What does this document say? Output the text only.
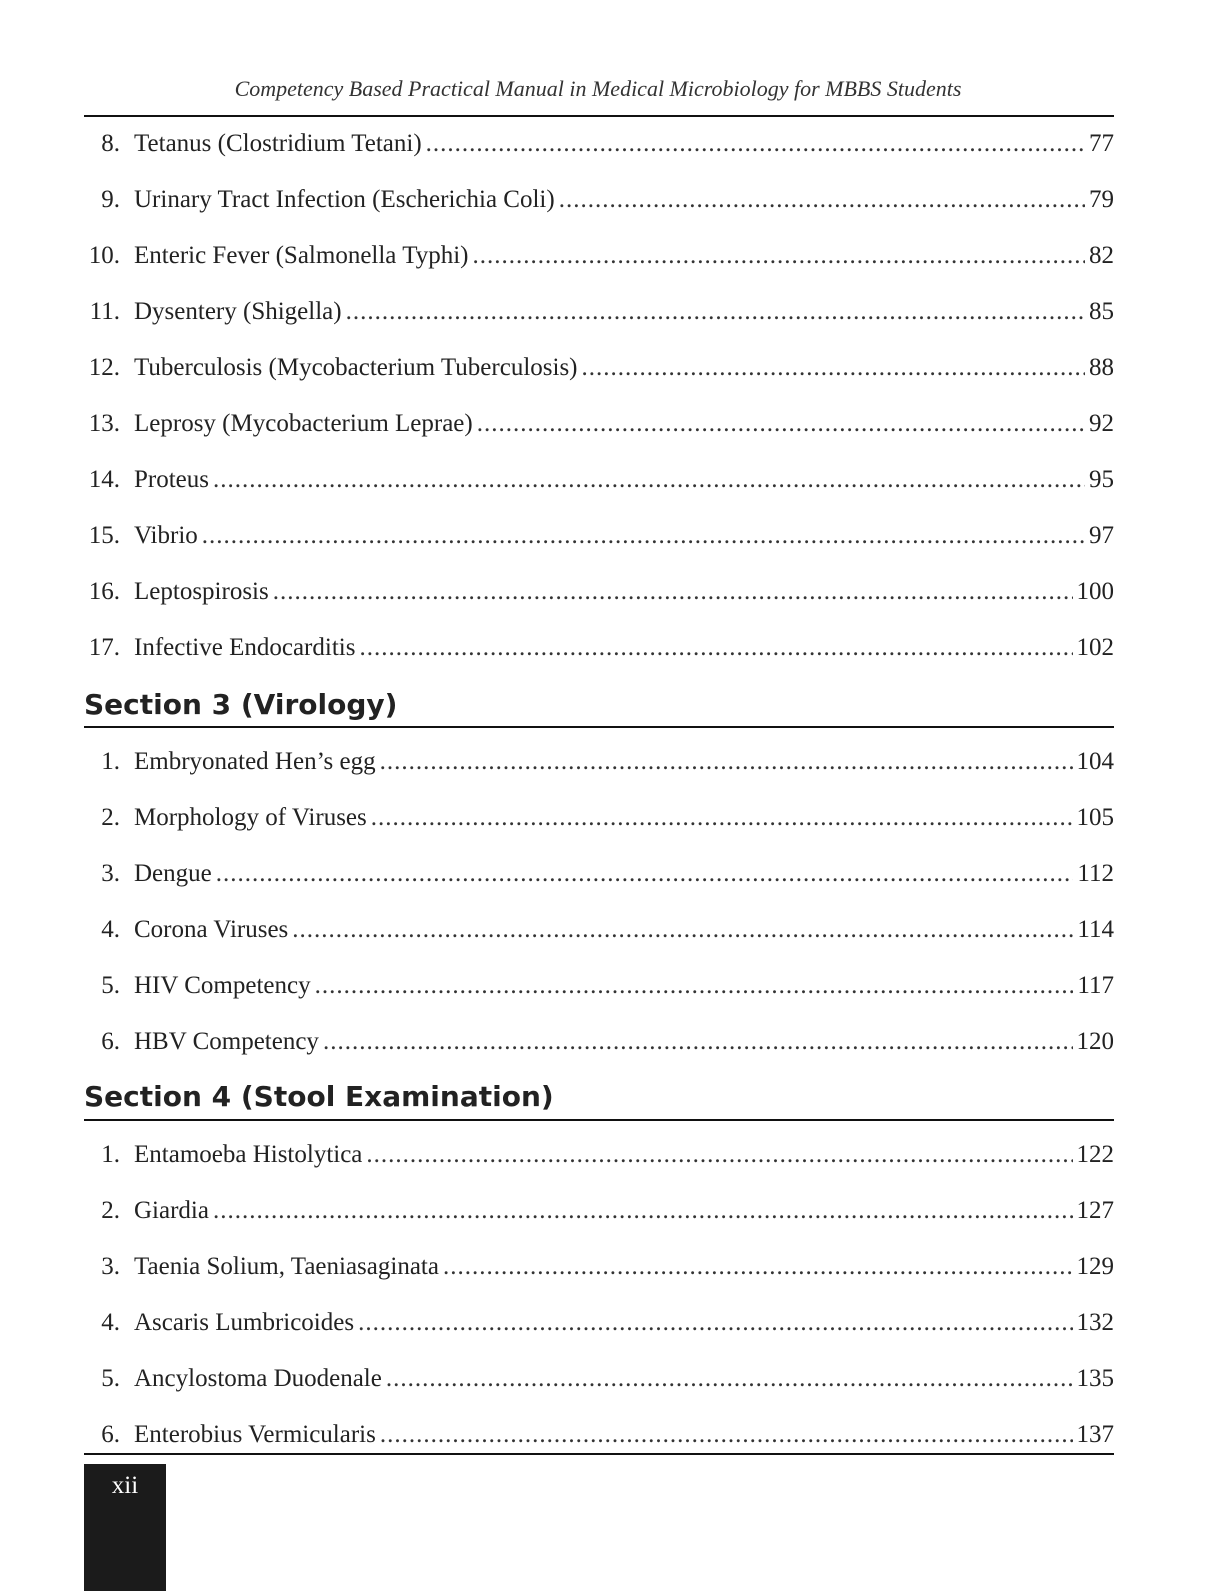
Competency Based Practical Manual in Medical Microbiology for MBBS Students
8. Tetanus (Clostridium Tetani) .....	77
9. Urinary Tract Infection (Escherichia Coli) .....	79
10. Enteric Fever (Salmonella Typhi) .....	82
11. Dysentery (Shigella) .....	85
12. Tuberculosis (Mycobacterium Tuberculosis) .....	88
13. Leprosy (Mycobacterium Leprae) .....	92
14. Proteus .....	95
15. Vibrio .....	97
16. Leptospirosis .....	100
17. Infective Endocarditis .....	102
Section 3 (Virology)
1. Embryonated Hen’s egg .....	104
2. Morphology of Viruses .....	105
3. Dengue .....	112
4. Corona Viruses .....	114
5. HIV Competency .....	117
6. HBV Competency .....	120
Section 4 (Stool Examination)
1. Entamoeba Histolytica .....	122
2. Giardia .....	127
3. Taenia Solium, Taeniasaginata .....	129
4. Ascaris Lumbricoides .....	132
5. Ancylostoma Duodenale .....	135
6. Enterobius Vermicularis .....	137
xii
